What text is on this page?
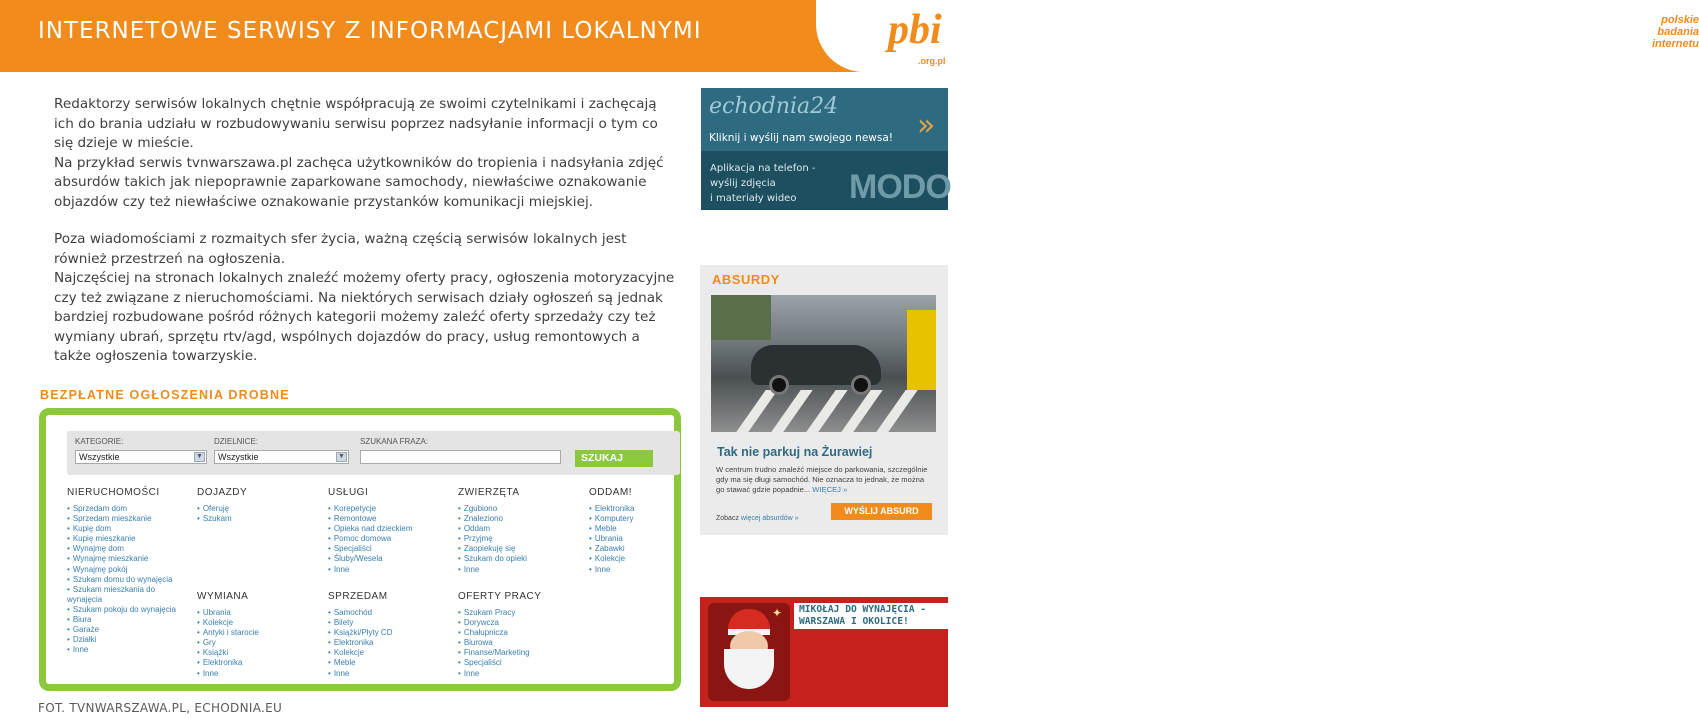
INTERNETOWE SERWISY Z INFORMACJAMI LOKALNYMI	polskie
badania
internetu
pbi
.org.pl
Redaktorzy serwisów lokalnych chętnie współpracują ze swoimi czytelnikami i zachęcają ich do brania udziału w rozbudowywaniu serwisu poprzez nadsyłanie informacji o tym co się dzieje w mieście.
Na przykład serwis tvnwarszawa.pl zachęca użytkowników do tropienia i nadsyłania zdjęć absurdów takich jak niepoprawnie zaparkowane samochody, niewłaściwe oznakowanie objazdów czy też niewłaściwe oznakowanie przystanków komunikacji miejskiej.
echodnia24
Kliknij i wyślij nam swojego newsa! »
Aplikacja na telefon -
wyślij zdjęcia
i materiały wideo MODO
Poza wiadomościami z rozmaitych sfer życia, ważną częścią serwisów lokalnych jest również przestrzeń na ogłoszenia.
Najczęściej na stronach lokalnych znaleźć możemy oferty pracy, ogłoszenia motoryzacyjne czy też związane z nieruchomościami. Na niektórych serwisach działy ogłoszeń są jednak bardziej rozbudowane pośród różnych kategorii możemy zaleźć oferty sprzedaży czy też wymiany ubrań, sprzętu rtv/agd, wspólnych dojazdów do pracy, usług remontowych a także ogłoszenia towarzyskie.
BEZPŁATNE OGŁOSZENIA DROBNE
KATEGORIE:
Wszystkie	▼
DZIELNICE:
Wszystkie	▼
SZUKANA FRAZA:
SZUKAJ
NIERUCHOMOŚCI
• Sprzedam dom
• Sprzedam mieszkanie
• Kupię dom
• Kupię mieszkanie
• Wynajmę dom
• Wynajmę mieszkanie
• Wynajmę pokój
• Szukam domu do wynajęcia
• Szukam mieszkania do wynajęcia
• Szukam pokoju do wynajęcia
• Biura
• Garaże
• Działki
• Inne
DOJAZDY
• Oferuję
• Szukam
USŁUGI
• Korepetycje
• Remontowe
• Opieka nad dzieckiem
• Pomoc domowa
• Specjaliści
• Śluby/Wesela
• Inne
ZWIERZĘTA
• Zgubiono
• Znaleziono
• Oddam
• Przyjmę
• Zaopiekuję się
• Szukam do opieki
• Inne
ODDAM!
• Elektronika
• Komputery
• Meble
• Ubrania
• Zabawki
• Kolekcje
• Inne
WYMIANA
• Ubrania
• Kolekcje
• Antyki i starocie
• Gry
• Książki
• Elektronika
• Inne
SPRZEDAM
• Samochód
• Bilety
• Książki/Płyty CD
• Elektronika
• Kolekcje
• Meble
• Inne
OFERTY PRACY
• Szukam Pracy
• Dorywcza
• Chałupnicza
• Biurowa
• Finanse/Marketing
• Specjaliści
• Inne
ABSURDY
Tak nie parkuj na Żurawiej
W centrum trudno znaleźć miejsce do parkowania, szczególnie gdy ma się długi samochód. Nie oznacza to jednak, że można go stawać gdzie popadnie... WIĘCEJ »
Zobacz więcej absurdów »
WYŚLIJ ABSURD
✦ MIKOŁAJ DO WYNAJĘCIA - WARSZAWA I OKOLICE!
FOT. TVNWARSZAWA.PL, ECHODNIA.EU
